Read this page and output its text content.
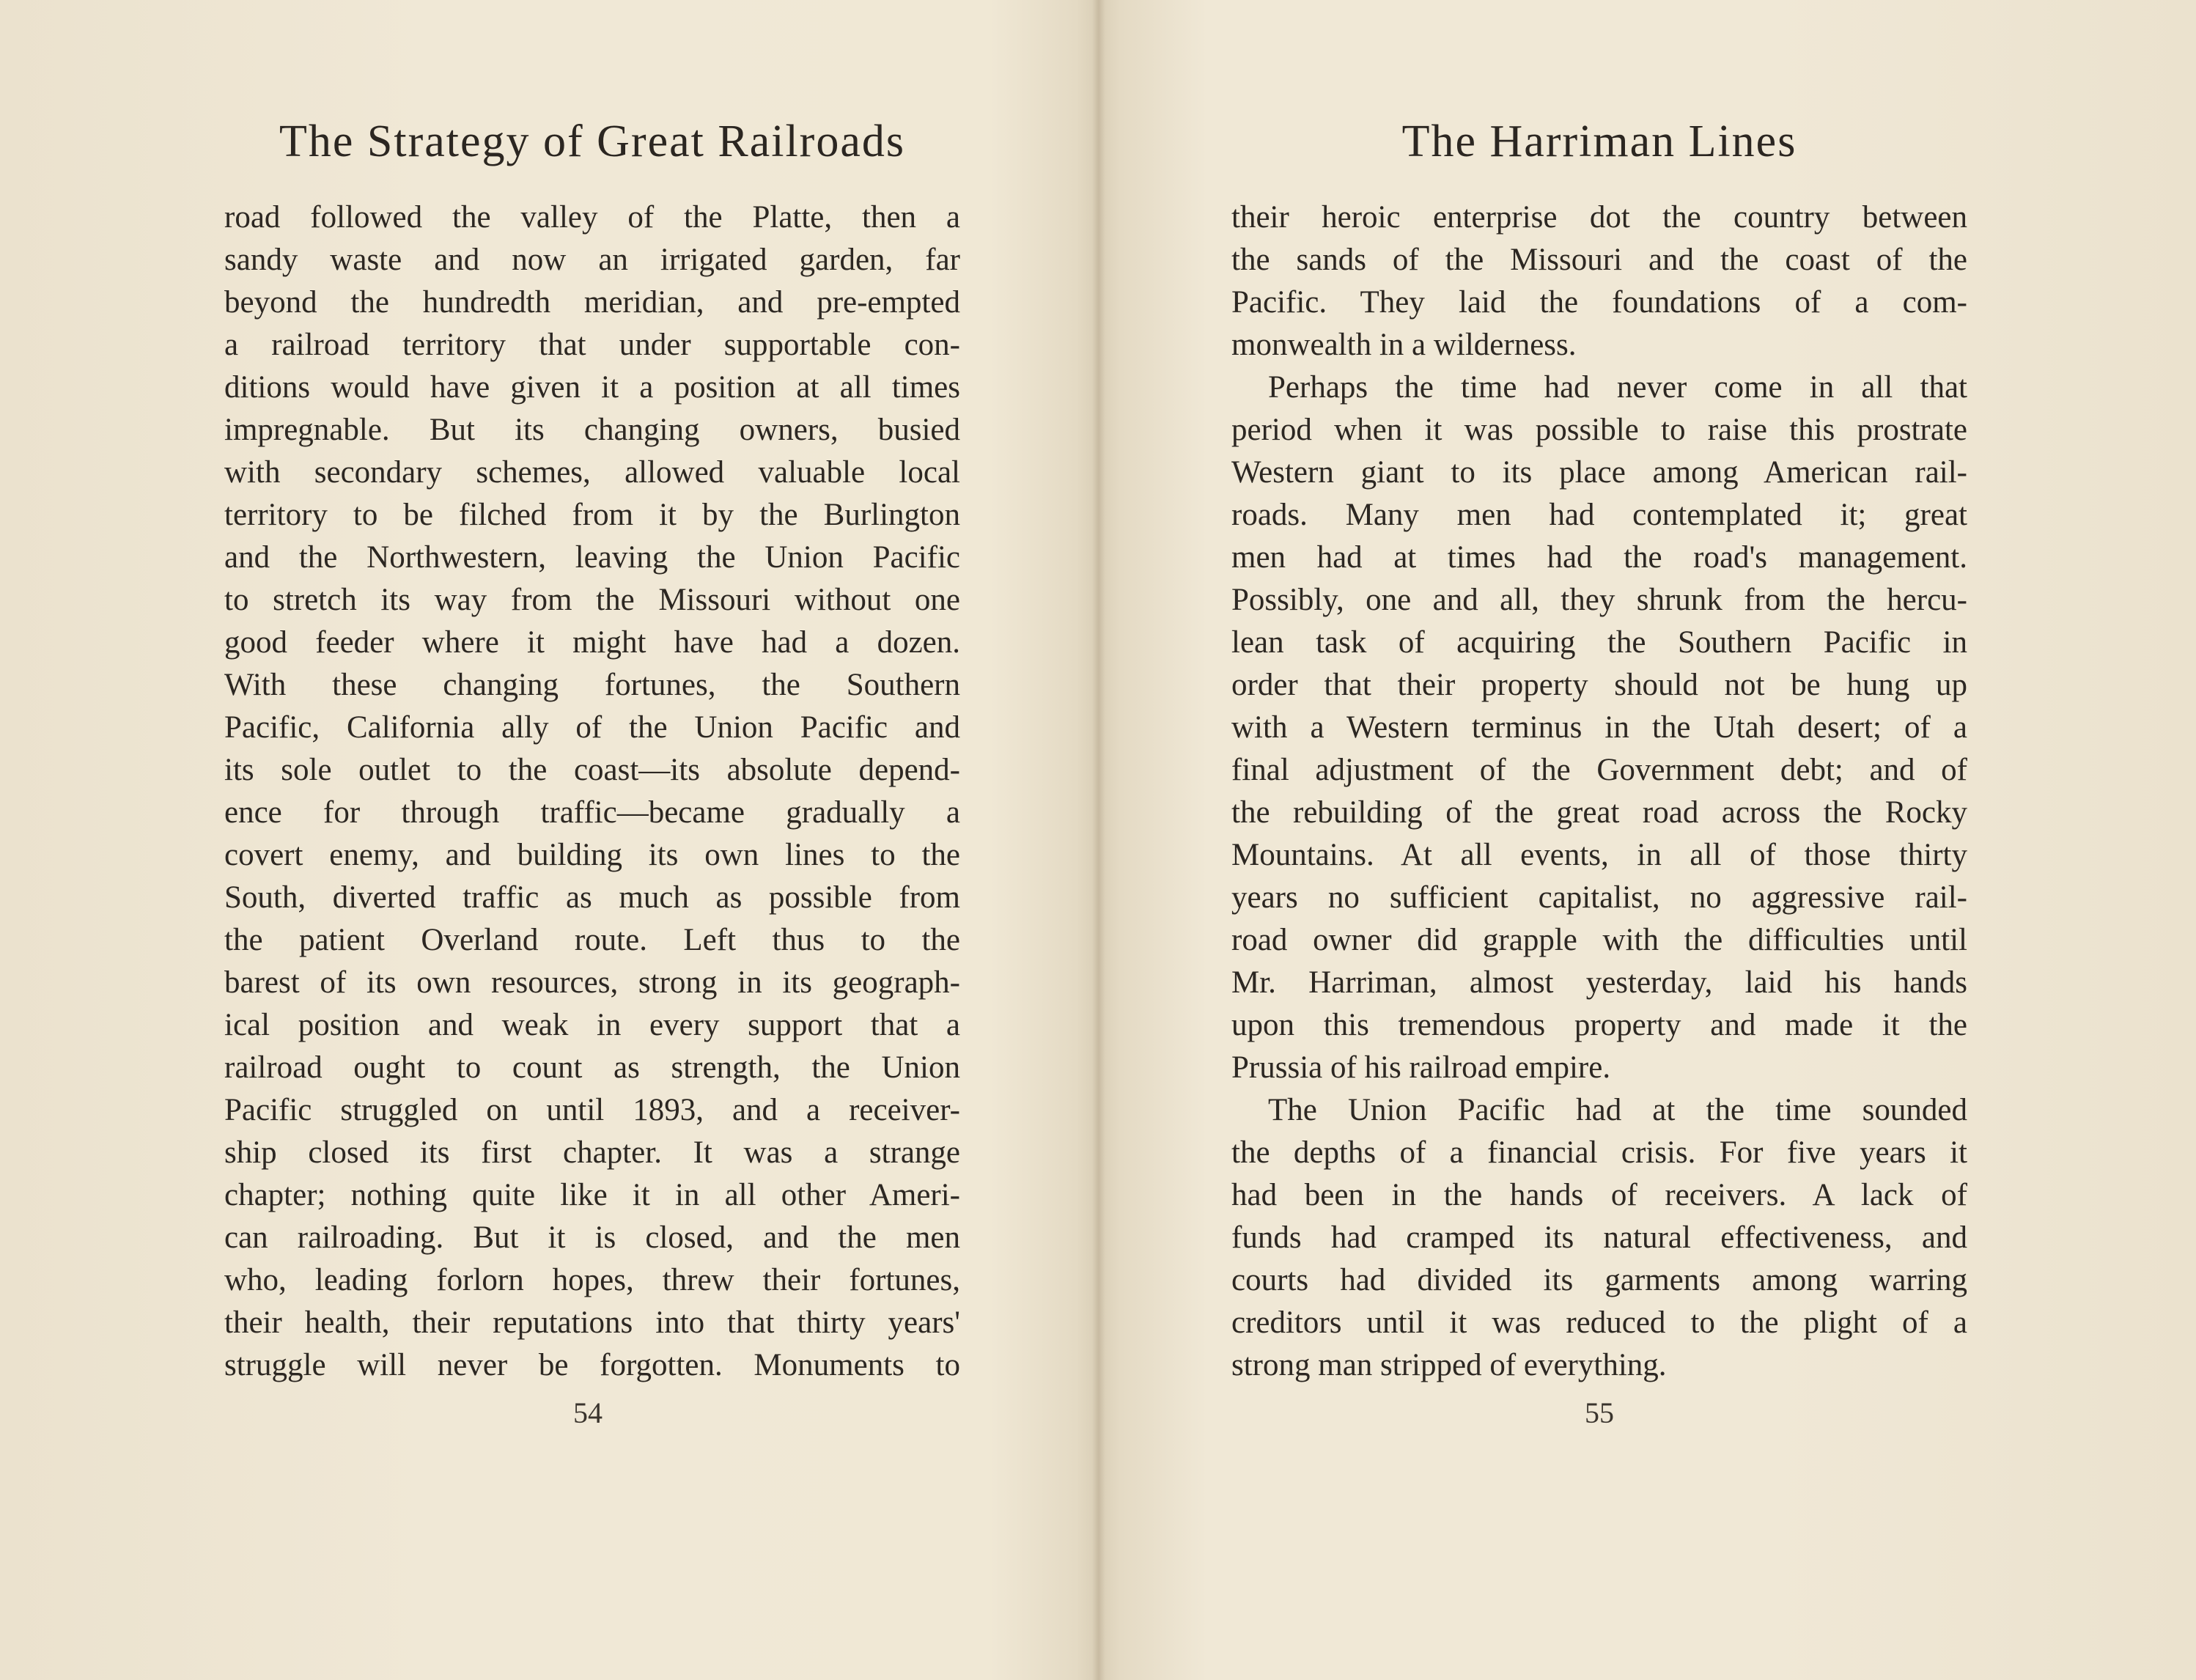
The Strategy of Great Railroads
road followed the valley of the Platte, then a
sandy waste and now an irrigated garden, far
beyond the hundredth meridian, and pre-empted
a railroad territory that under supportable con-
ditions would have given it a position at all times
impregnable. But its changing owners, busied
with secondary schemes, allowed valuable local
territory to be filched from it by the Burlington
and the Northwestern, leaving the Union Pacific
to stretch its way from the Missouri without one
good feeder where it might have had a dozen.
With these changing fortunes, the Southern
Pacific, California ally of the Union Pacific and
its sole outlet to the coast—its absolute depend-
ence for through traffic—became gradually a
covert enemy, and building its own lines to the
South, diverted traffic as much as possible from
the patient Overland route. Left thus to the
barest of its own resources, strong in its geograph-
ical position and weak in every support that a
railroad ought to count as strength, the Union
Pacific struggled on until 1893, and a receiver-
ship closed its first chapter. It was a strange
chapter; nothing quite like it in all other Ameri-
can railroading. But it is closed, and the men
who, leading forlorn hopes, threw their fortunes,
their health, their reputations into that thirty years'
struggle will never be forgotten. Monuments to
54
The Harriman Lines
their heroic enterprise dot the country between
the sands of the Missouri and the coast of the
Pacific. They laid the foundations of a com-
monwealth in a wilderness.
Perhaps the time had never come in all that
period when it was possible to raise this prostrate
Western giant to its place among American rail-
roads. Many men had contemplated it; great
men had at times had the road's management.
Possibly, one and all, they shrunk from the hercu-
lean task of acquiring the Southern Pacific in
order that their property should not be hung up
with a Western terminus in the Utah desert; of a
final adjustment of the Government debt; and of
the rebuilding of the great road across the Rocky
Mountains. At all events, in all of those thirty
years no sufficient capitalist, no aggressive rail-
road owner did grapple with the difficulties until
Mr. Harriman, almost yesterday, laid his hands
upon this tremendous property and made it the
Prussia of his railroad empire.
The Union Pacific had at the time sounded
the depths of a financial crisis. For five years it
had been in the hands of receivers. A lack of
funds had cramped its natural effectiveness, and
courts had divided its garments among warring
creditors until it was reduced to the plight of a
strong man stripped of everything.
55
